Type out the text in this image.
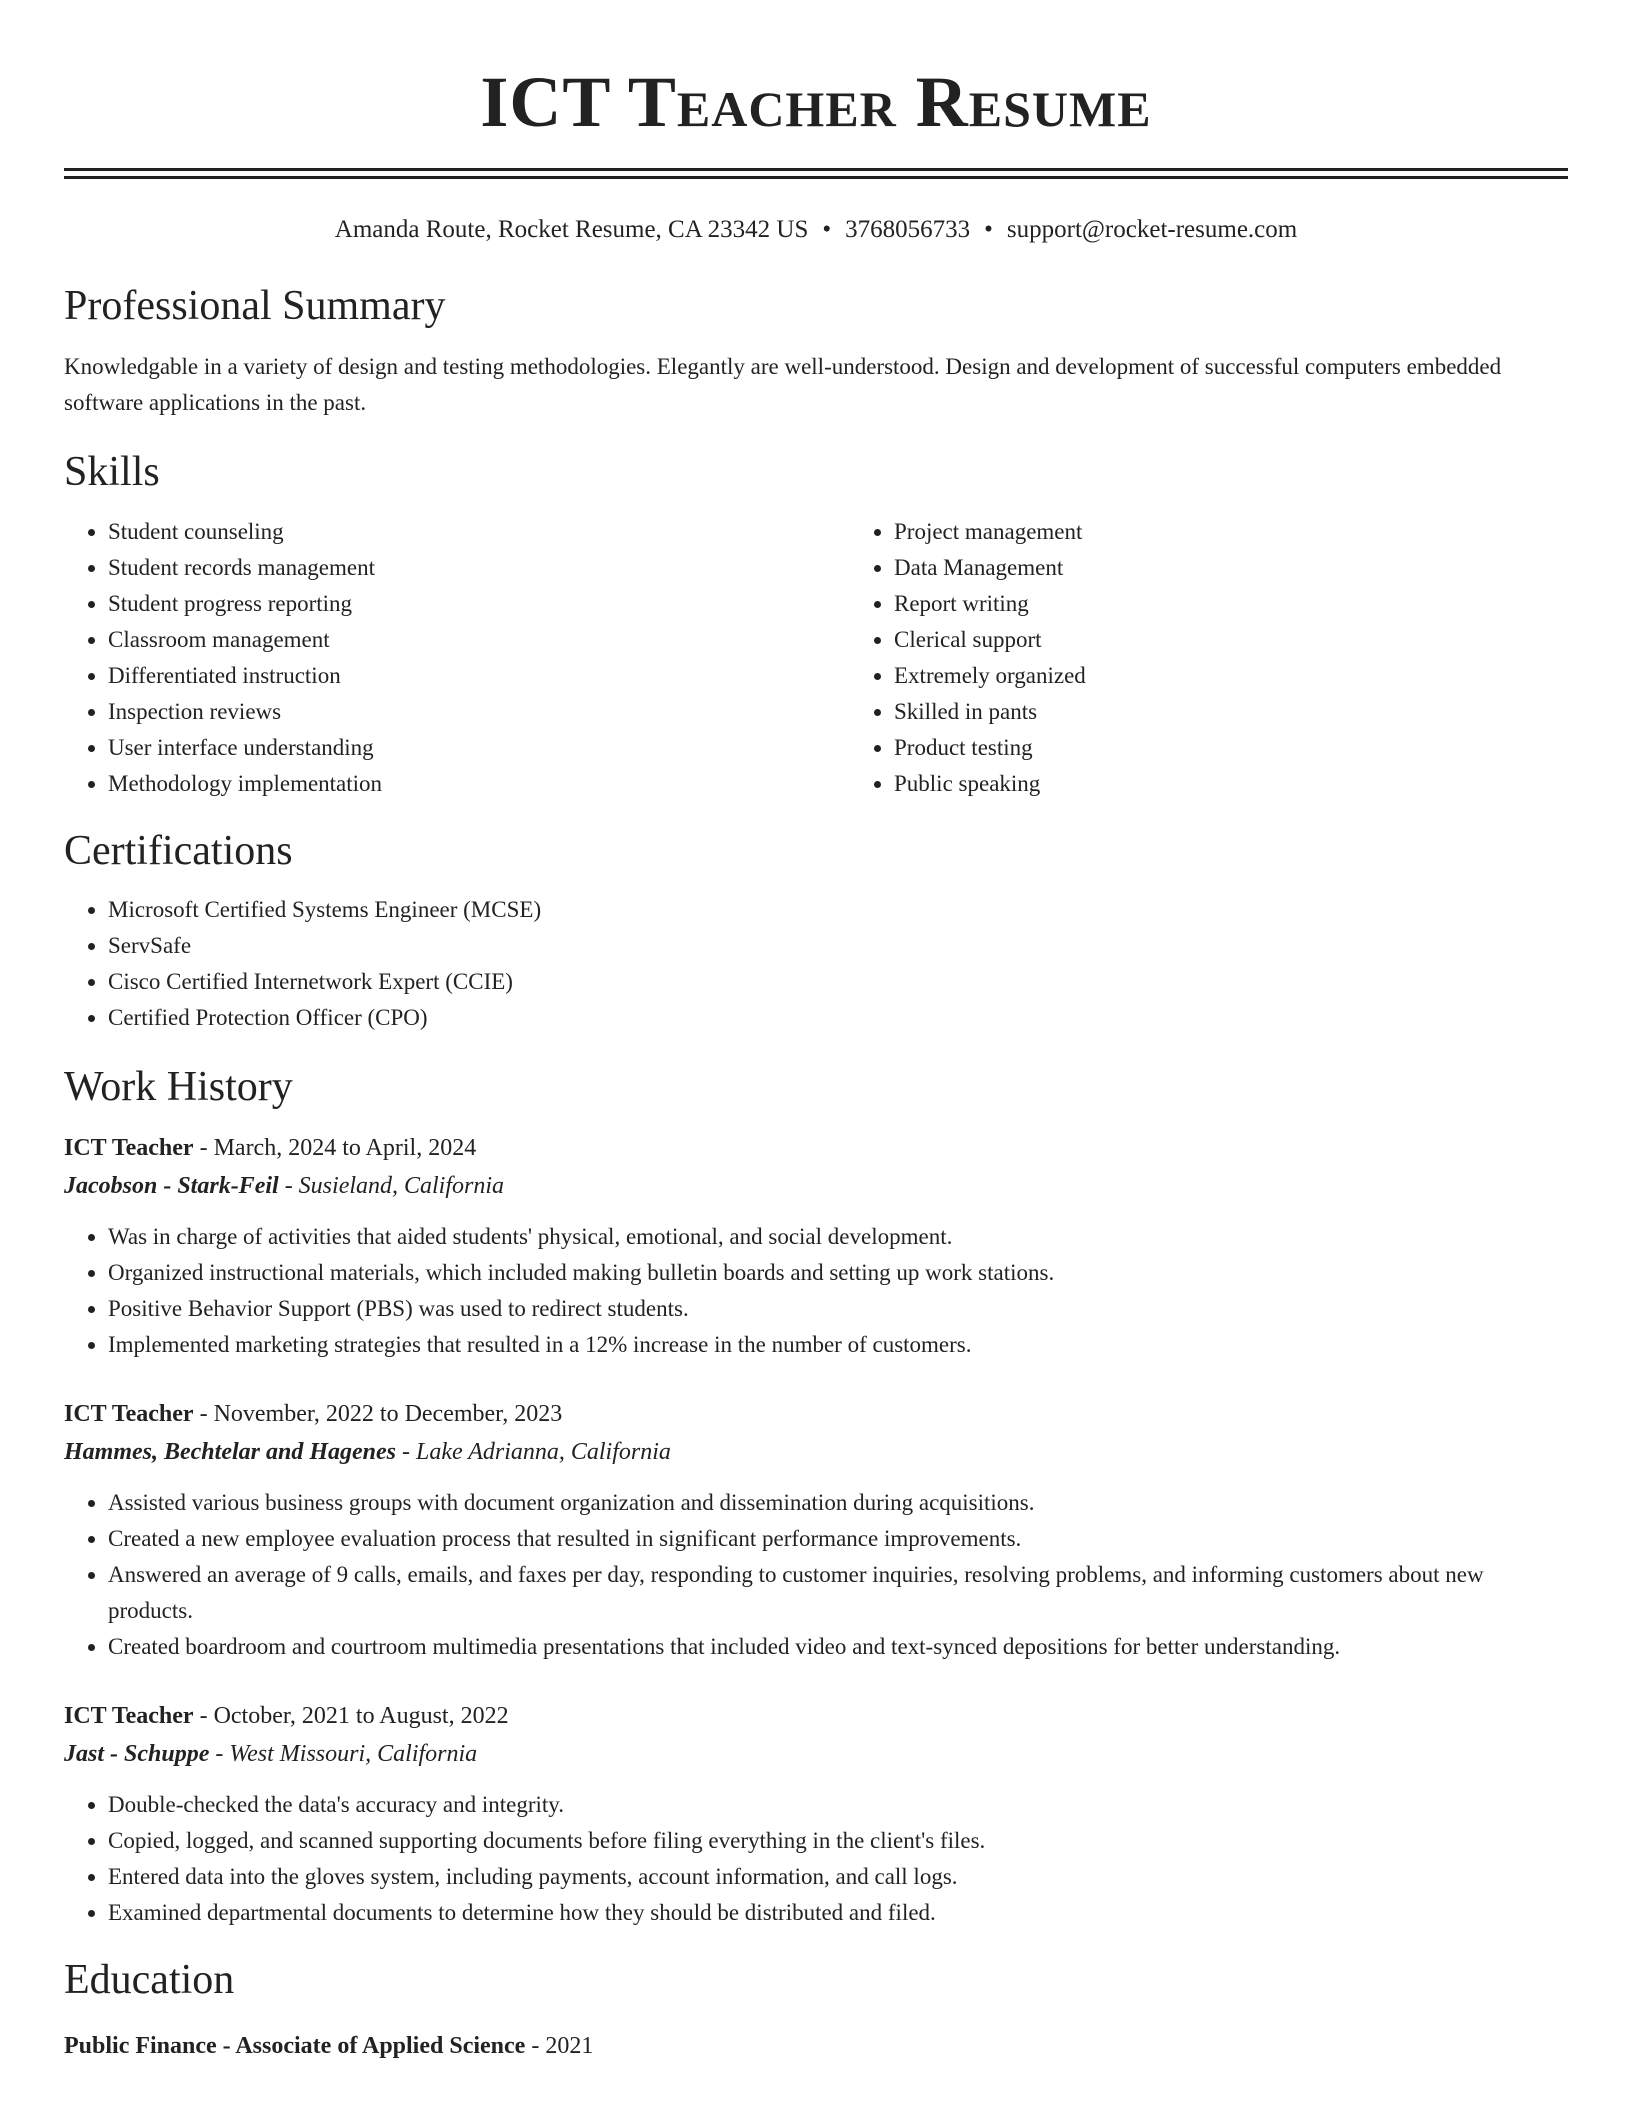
ICT Teacher Resume
Amanda Route, Rocket Resume, CA 23342 US • 3768056733 • support@rocket-resume.com
Professional Summary

Knowledgable in a variety of design and testing methodologies. Elegantly are well-understood. Design and development of successful computers embedded software applications in the past.

Skills
• Student counseling
• Student records management
• Student progress reporting
• Classroom management
• Differentiated instruction
• Inspection reviews
• User interface understanding
• Methodology implementation
• Project management
• Data Management
• Report writing
• Clerical support
• Extremely organized
• Skilled in pants
• Product testing
• Public speaking
Certifications
• Microsoft Certified Systems Engineer (MCSE)
• ServSafe
• Cisco Certified Internetwork Expert (CCIE)
• Certified Protection Officer (CPO)
Work History
ICT Teacher - March, 2024 to April, 2024
Jacobson - Stark-Feil - Susieland, California
• Was in charge of activities that aided students' physical, emotional, and social development.
• Organized instructional materials, which included making bulletin boards and setting up work stations.
• Positive Behavior Support (PBS) was used to redirect students.
• Implemented marketing strategies that resulted in a 12% increase in the number of customers.
ICT Teacher - November, 2022 to December, 2023
Hammes, Bechtelar and Hagenes - Lake Adrianna, California
• Assisted various business groups with document organization and dissemination during acquisitions.
• Created a new employee evaluation process that resulted in significant performance improvements.
• Answered an average of 9 calls, emails, and faxes per day, responding to customer inquiries, resolving problems, and informing customers about new products.
• Created boardroom and courtroom multimedia presentations that included video and text-synced depositions for better understanding.
ICT Teacher - October, 2021 to August, 2022
Jast - Schuppe - West Missouri, California
• Double-checked the data's accuracy and integrity.
• Copied, logged, and scanned supporting documents before filing everything in the client's files.
• Entered data into the gloves system, including payments, account information, and call logs.
• Examined departmental documents to determine how they should be distributed and filed.
Education
Public Finance - Associate of Applied Science - 2021
